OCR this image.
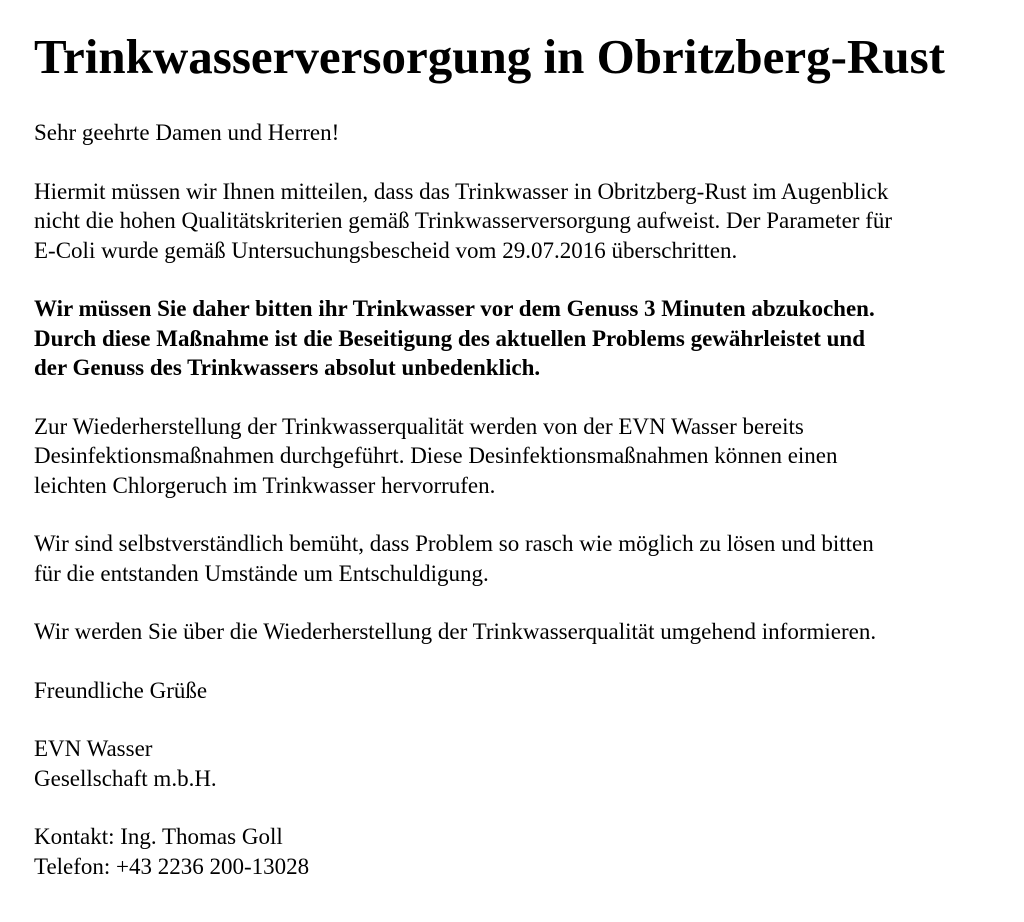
Trinkwasserversorgung in Obritzberg-Rust

Sehr geehrte Damen und Herren!

Hiermit müssen wir Ihnen mitteilen, dass das Trinkwasser in Obritzberg-Rust im Augenblick
nicht die hohen Qualitätskriterien gemäß Trinkwasserversorgung aufweist. Der Parameter für
E-Coli wurde gemäß Untersuchungsbescheid vom 29.07.2016 überschritten.

Wir müssen Sie daher bitten ihr Trinkwasser vor dem Genuss 3 Minuten abzukochen.
Durch diese Maßnahme ist die Beseitigung des aktuellen Problems gewährleistet und
der Genuss des Trinkwassers absolut unbedenklich.

Zur Wiederherstellung der Trinkwasserqualität werden von der EVN Wasser bereits
Desinfektionsmaßnahmen durchgeführt. Diese Desinfektionsmaßnahmen können einen
leichten Chlorgeruch im Trinkwasser hervorrufen.

Wir sind selbstverständlich bemüht, dass Problem so rasch wie möglich zu lösen und bitten
für die entstanden Umstände um Entschuldigung.

Wir werden Sie über die Wiederherstellung der Trinkwasserqualität umgehend informieren.

Freundliche Grüße

EVN Wasser
Gesellschaft m.b.H.

Kontakt: Ing. Thomas Goll
Telefon: +43 2236 200-13028
